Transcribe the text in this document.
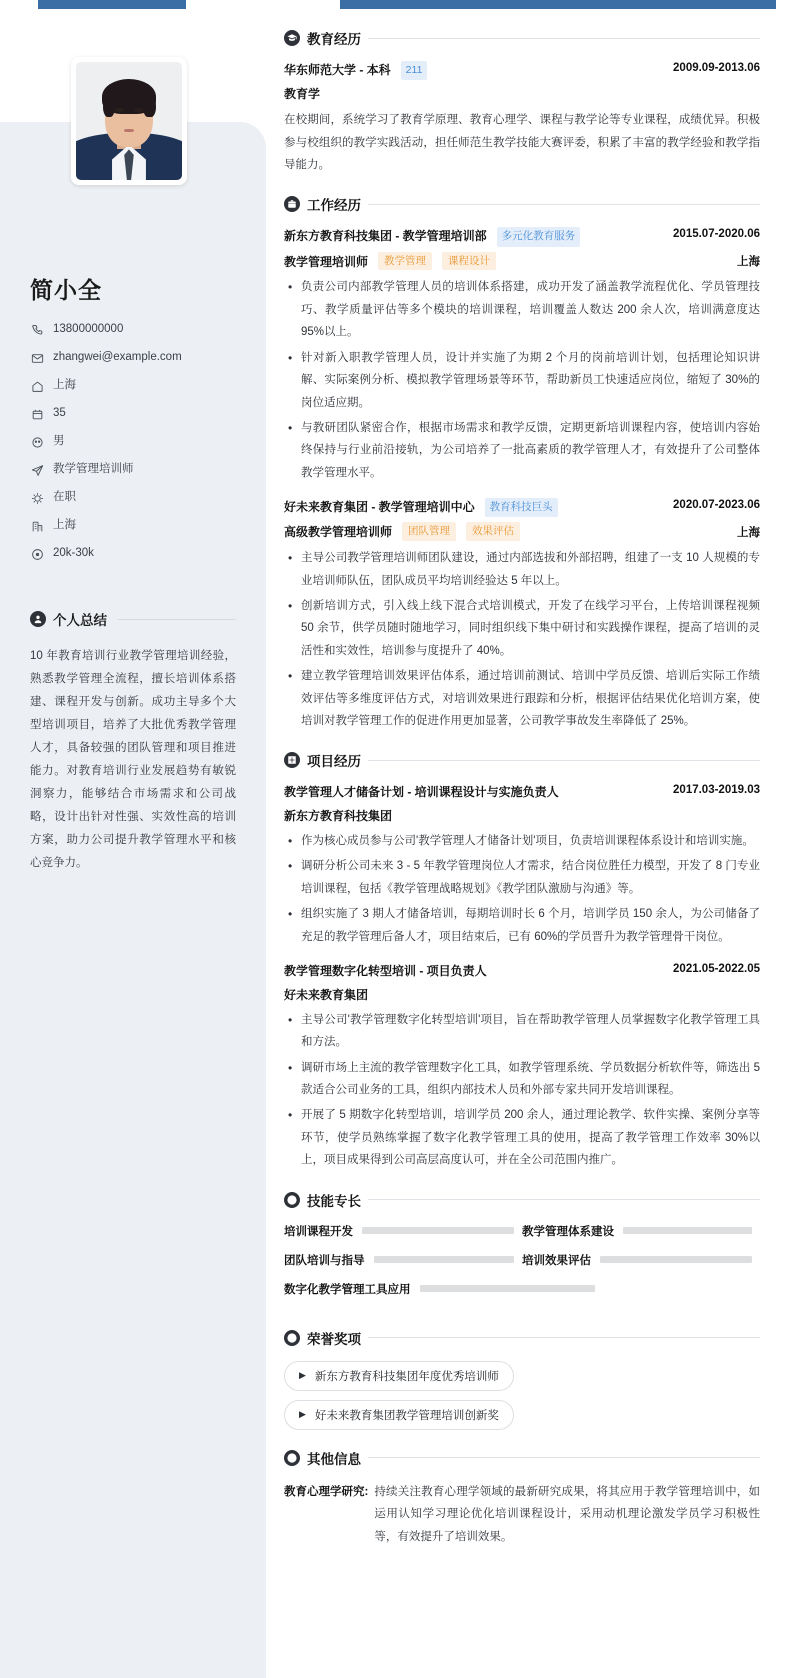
简小全
13800000000
zhangwei@example.com
上海
35
男
教学管理培训师
在职
上海
20k-30k
个人总结

10 年教育培训行业教学管理培训经验，熟悉教学管理全流程，擅长培训体系搭建、课程开发与创新。成功主导多个大型培训项目，培养了大批优秀教学管理人才，具备较强的团队管理和项目推进能力。对教育培训行业发展趋势有敏锐洞察力，能够结合市场需求和公司战略，设计出针对性强、实效性高的培训方案，助力公司提升教学管理水平和核心竞争力。

教育经历
华东师范大学 - 本科	211	2009.09-2013.06
教育学

在校期间，系统学习了教育学原理、教育心理学、课程与教学论等专业课程，成绩优异。积极参与校组织的教学实践活动，担任师范生教学技能大赛评委，积累了丰富的教学经验和教学指导能力。

工作经历
新东方教育科技集团 - 教学管理培训部	多元化教育服务	2015.07-2020.06
教学管理培训师	教学管理	课程设计	上海
• 负责公司内部教学管理人员的培训体系搭建，成功开发了涵盖教学流程优化、学员管理技巧、教学质量评估等多个模块的培训课程，培训覆盖人数达 200 余人次，培训满意度达 95%以上。
• 针对新入职教学管理人员，设计并实施了为期 2 个月的岗前培训计划，包括理论知识讲解、实际案例分析、模拟教学管理场景等环节，帮助新员工快速适应岗位，缩短了 30%的岗位适应期。
• 与教研团队紧密合作，根据市场需求和教学反馈，定期更新培训课程内容，使培训内容始终保持与行业前沿接轨，为公司培养了一批高素质的教学管理人才，有效提升了公司整体教学管理水平。
好未来教育集团 - 教学管理培训中心	教育科技巨头	2020.07-2023.06
高级教学管理培训师	团队管理	效果评估	上海
• 主导公司教学管理培训师团队建设，通过内部选拔和外部招聘，组建了一支 10 人规模的专业培训师队伍，团队成员平均培训经验达 5 年以上。
• 创新培训方式，引入线上线下混合式培训模式，开发了在线学习平台，上传培训课程视频 50 余节，供学员随时随地学习，同时组织线下集中研讨和实践操作课程，提高了培训的灵活性和实效性，培训参与度提升了 40%。
• 建立教学管理培训效果评估体系，通过培训前测试、培训中学员反馈、培训后实际工作绩效评估等多维度评估方式，对培训效果进行跟踪和分析，根据评估结果优化培训方案，使培训对教学管理工作的促进作用更加显著，公司教学事故发生率降低了 25%。
项目经历
教学管理人才储备计划 - 培训课程设计与实施负责人	2017.03-2019.03
新东方教育科技集团
• 作为核心成员参与公司'教学管理人才储备计划'项目，负责培训课程体系设计和培训实施。
• 调研分析公司未来 3 - 5 年教学管理岗位人才需求，结合岗位胜任力模型，开发了 8 门专业培训课程，包括《教学管理战略规划》《教学团队激励与沟通》等。
• 组织实施了 3 期人才储备培训，每期培训时长 6 个月，培训学员 150 余人，为公司储备了充足的教学管理后备人才，项目结束后，已有 60%的学员晋升为教学管理骨干岗位。
教学管理数字化转型培训 - 项目负责人	2021.05-2022.05
好未来教育集团
• 主导公司'教学管理数字化转型培训'项目，旨在帮助教学管理人员掌握数字化教学管理工具和方法。
• 调研市场上主流的教学管理数字化工具，如教学管理系统、学员数据分析软件等，筛选出 5 款适合公司业务的工具，组织内部技术人员和外部专家共同开发培训课程。
• 开展了 5 期数字化转型培训，培训学员 200 余人，通过理论教学、软件实操、案例分享等环节，使学员熟练掌握了数字化教学管理工具的使用，提高了教学管理工作效率 30%以上，项目成果得到公司高层高度认可，并在全公司范围内推广。
技能专长
培训课程开发	教学管理体系建设
团队培训与指导	培训效果评估
数字化教学管理工具应用
荣誉奖项
▶ 新东方教育科技集团年度优秀培训师
▶ 好未来教育集团教学管理培训创新奖
其他信息
教育心理学研究: 持续关注教育心理学领域的最新研究成果，将其应用于教学管理培训中，如运用认知学习理论优化培训课程设计，采用动机理论激发学员学习积极性等，有效提升了培训效果。
